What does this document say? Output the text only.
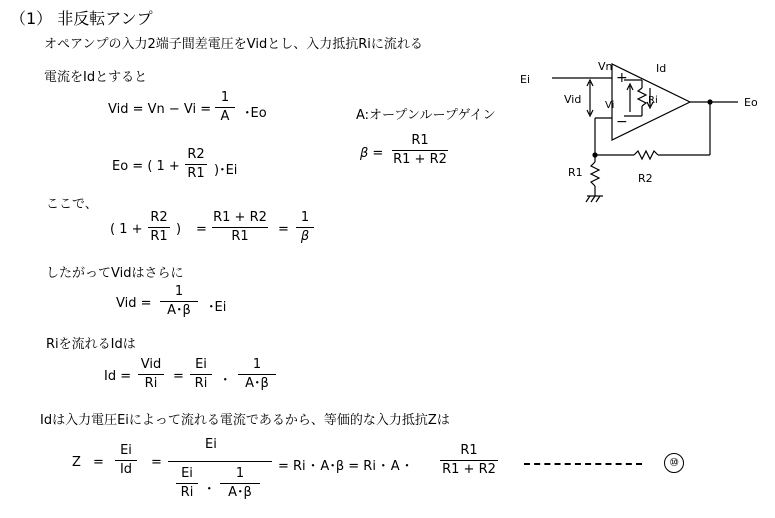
（1） 非反転アンプ
オペアンプの入力2端子間差電圧をVidとし、入力抵抗Riに流れる
電流をIdとすると
Vid = Vn − Vi =
1
A ･Eo
Eo = ( 1 +
R2
R1 )･Ei
A:オープンループゲイン
β =
R1
R1 + R2
ここで、
( 1 +
R2
R1 ) =
R1 + R2
R1 =
1
β
したがってVidはさらに
Vid =
1
A･β ･Ei
Riを流れるIdは
Id =
Vid
Ri =
Ei
Ri ･
1
A･β
Idは入力電圧Eiによって流れる電流であるから、等価的な入力抵抗Zは
Z =
Ei
Id =
Ei
Ei
Ri ･
1
A･β
= Ri ･ A･β = Ri ･ A ･
R1
R1 + R2	⑩
Ei
Vn	Id
Vid Vi	Ri
+
−
Eo
R1	R2
